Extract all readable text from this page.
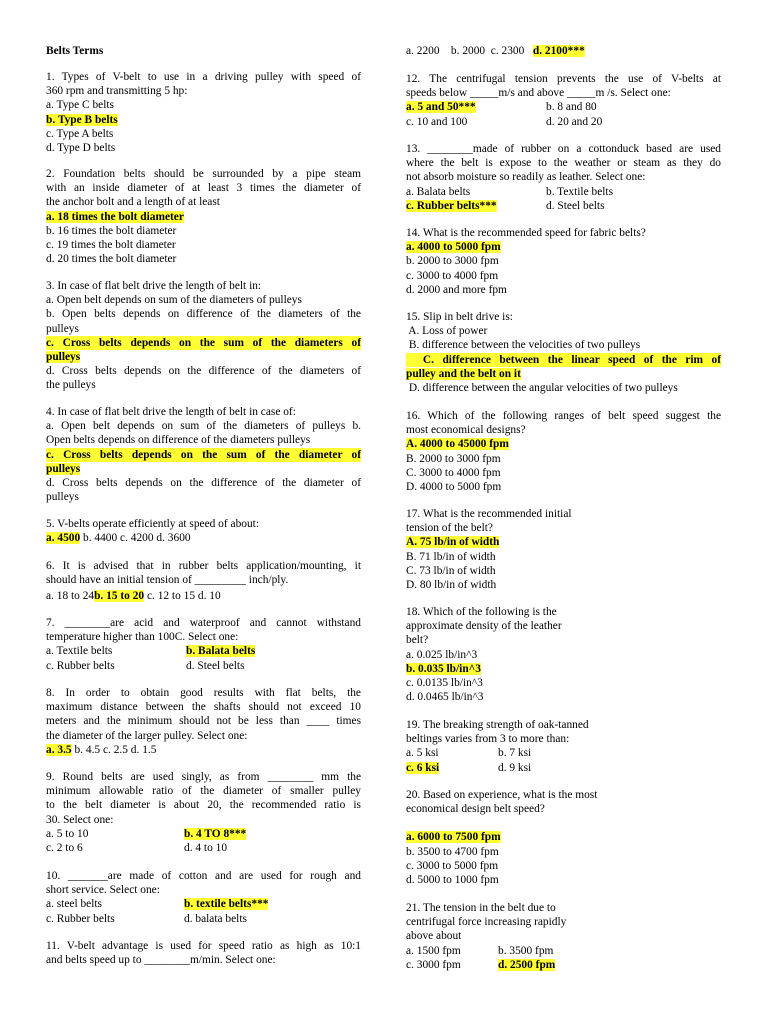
Belts Terms
1. Types of V-belt to use in a driving pulley with speed of
360 rpm and transmitting 5 hp:
a. Type C belts
b. Type B belts
c. Type A belts
d. Type D belts
2. Foundation belts should be surrounded by a pipe steam
with an inside diameter of at least 3 times the diameter of
the anchor bolt and a length of at least
a. 18 times the bolt diameter
b. 16 times the bolt diameter
c. 19 times the bolt diameter
d. 20 times the bolt diameter
3. In case of flat belt drive the length of belt in:
a. Open belt depends on sum of the diameters of pulleys
b. Open belts depends on difference of the diameters of the
pulleys
c. Cross belts depends on the sum of the diameters of
pulleys
d. Cross belts depends on the difference of the diameters of
the pulleys
4. In case of flat belt drive the length of belt in case of:
a. Open belt depends on sum of the diameters of pulleys b.
Open belts depends on difference of the diameters pulleys
c. Cross belts depends on the sum of the diameter of
pulleys
d. Cross belts depends on the difference of the diameter of
pulleys
5. V-belts operate efficiently at speed of about:
a. 4500 b. 4400 c. 4200 d. 3600
6. It is advised that in rubber belts application/mounting, it
should have an initial tension of _________ inch/ply.
a. 18 to 24b. 15 to 20 c. 12 to 15 d. 10
7. ________are acid and waterproof and cannot withstand
temperature higher than 100C. Select one:
a. Textile belts	b. Balata belts
c. Rubber belts	d. Steel belts
8. In order to obtain good results with flat belts, the
maximum distance between the shafts should not exceed 10
meters and the minimum should not be less than ____ times
the diameter of the larger pulley. Select one:
a. 3.5 b. 4.5 c. 2.5 d. 1.5
9. Round belts are used singly, as from ________ mm the
minimum allowable ratio of the diameter of smaller pulley
to the belt diameter is about 20, the recommended ratio is
30. Select one:
a. 5 to 10	b. 4 TO 8***
c. 2 to 6	d. 4 to 10
10. _______are made of cotton and are used for rough and
short service. Select one:
a. steel belts	b. textile belts***
c. Rubber belts	d. balata belts
11. V-belt advantage is used for speed ratio as high as 10:1
and belts speed up to ________m/min. Select one:
a. 2200    b. 2000  c. 2300 d. 2100***
12. The centrifugal tension prevents the use of V-belts at
speeds below _____m/s and above _____m /s. Select one:
a. 5 and 50***	b. 8 and 80
c. 10 and 100	d. 20 and 20
13. ________made of rubber on a cottonduck based are used
where the belt is expose to the weather or steam as they do
not absorb moisture so readily as leather. Select one:
a. Balata belts	b. Textile belts
c. Rubber belts***	d. Steel belts
14. What is the recommended speed for fabric belts?
a. 4000 to 5000 fpm
b. 2000 to 3000 fpm
c. 3000 to 4000 fpm
d. 2000 and more fpm
15. Slip in belt drive is:
A. Loss of power
B. difference between the velocities of two pulleys
C. difference between the linear speed of the rim of
pulley and the belt on it
D. difference between the angular velocities of two pulleys
16. Which of the following ranges of belt speed suggest the
most economical designs?
A. 4000 to 45000 fpm
B. 2000 to 3000 fpm
C. 3000 to 4000 fpm
D. 4000 to 5000 fpm
17. What is the recommended initial
tension of the belt?
A. 75 lb/in of width
B. 71 lb/in of width
C. 73 lb/in of width
D. 80 lb/in of width
18. Which of the following is the
approximate density of the leather
belt?
a. 0.025 lb/in^3
b. 0.035 lb/in^3
c. 0.0135 lb/in^3
d. 0.0465 lb/in^3
19. The breaking strength of oak-tanned
beltings varies from 3 to more than:
a. 5 ksi	b. 7 ksi
c. 6 ksi	d. 9 ksi
20. Based on experience, what is the most
economical design belt speed?
a. 6000 to 7500 fpm
b. 3500 to 4700 fpm
c. 3000 to 5000 fpm
d. 5000 to 1000 fpm
21. The tension in the belt due to
centrifugal force increasing rapidly
above about
a. 1500 fpm	b. 3500 fpm
c. 3000 fpm	d. 2500 fpm
